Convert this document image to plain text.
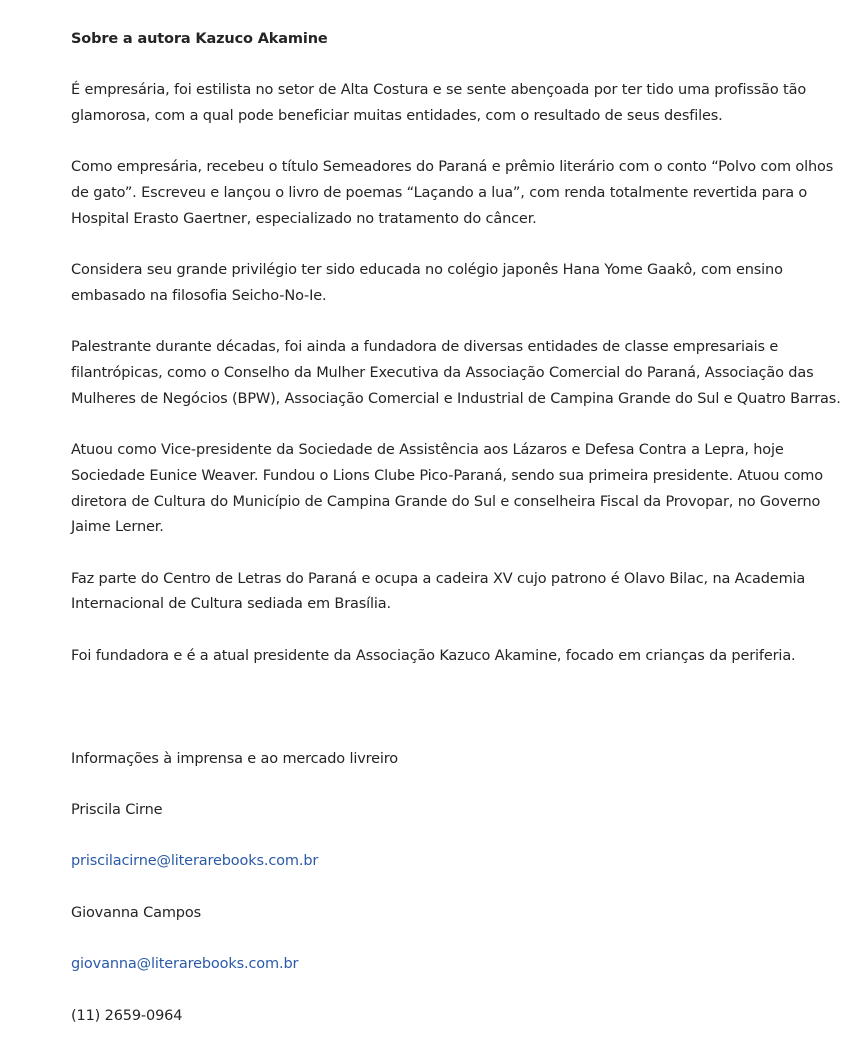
Sobre a autora Kazuco Akamine

É empresária, foi estilista no setor de Alta Costura e se sente abençoada por ter tido uma profissão tão glamorosa, com a qual pode beneficiar muitas entidades, com o resultado de seus desfiles.

Como empresária, recebeu o título Semeadores do Paraná e prêmio literário com o conto “Polvo com olhos de gato”. Escreveu e lançou o livro de poemas “Laçando a lua”, com renda totalmente revertida para o Hospital Erasto Gaertner, especializado no tratamento do câncer.

Considera seu grande privilégio ter sido educada no colégio japonês Hana Yome Gaakô, com ensino embasado na filosofia Seicho-No-Ie.

Palestrante durante décadas, foi ainda a fundadora de diversas entidades de classe empresariais e filantrópicas, como o Conselho da Mulher Executiva da Associação Comercial do Paraná, Associação das Mulheres de Negócios (BPW), Associação Comercial e Industrial de Campina Grande do Sul e Quatro Barras.

Atuou como Vice-presidente da Sociedade de Assistência aos Lázaros e Defesa Contra a Lepra, hoje Sociedade Eunice Weaver. Fundou o Lions Clube Pico-Paraná, sendo sua primeira presidente. Atuou como diretora de Cultura do Município de Campina Grande do Sul e conselheira Fiscal da Provopar, no Governo Jaime Lerner.

Faz parte do Centro de Letras do Paraná e ocupa a cadeira XV cujo patrono é Olavo Bilac, na Academia Internacional de Cultura sediada em Brasília.

Foi fundadora e é a atual presidente da Associação Kazuco Akamine, focado em crianças da periferia.

Informações à imprensa e ao mercado livreiro

Priscila Cirne

priscilacirne@literarebooks.com.br

Giovanna Campos

giovanna@literarebooks.com.br

(11) 2659-0964
